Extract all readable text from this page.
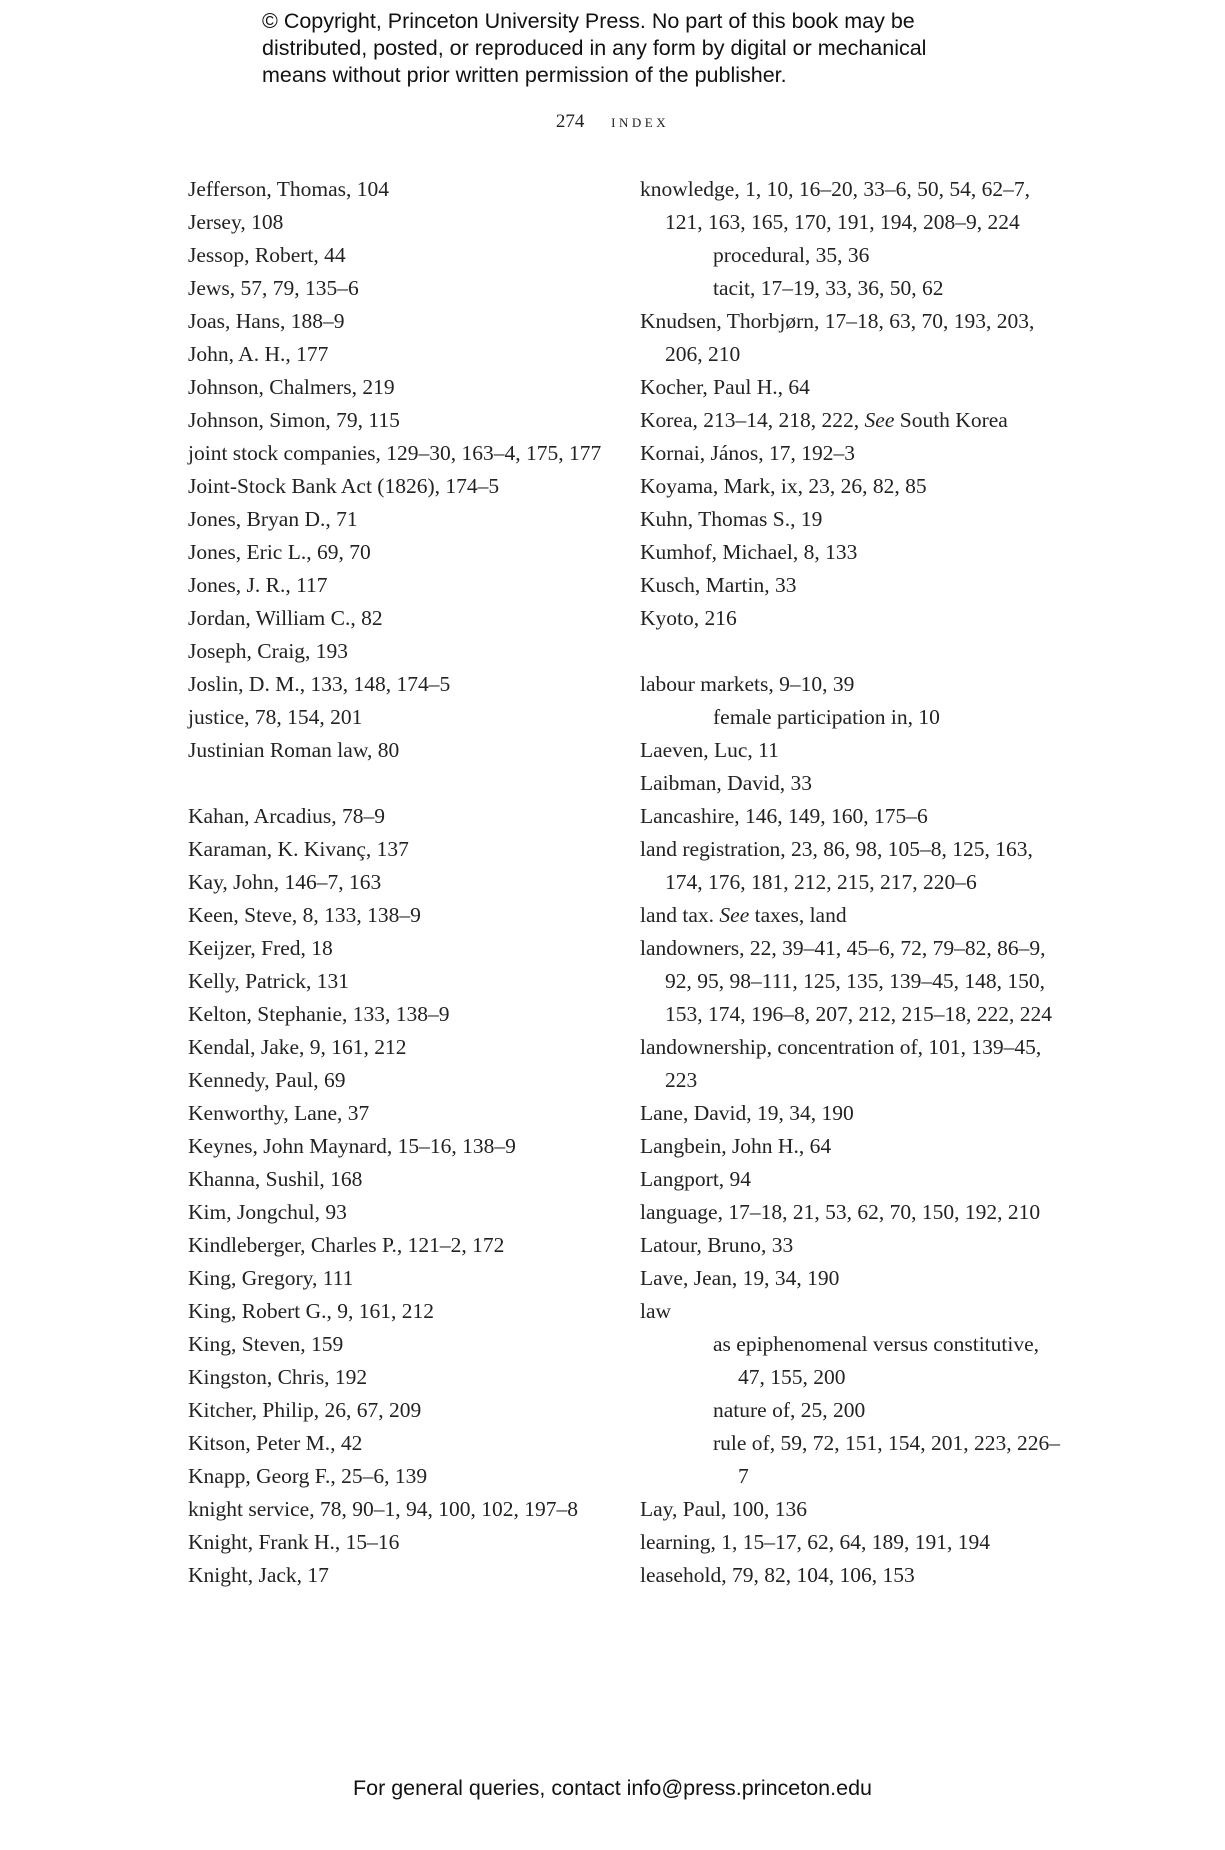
© Copyright, Princeton University Press. No part of this book may be
distributed, posted, or reproduced in any form by digital or mechanical
means without prior written permission of the publisher.
274 index
Jefferson, Thomas, 104
Jersey, 108
Jessop, Robert, 44
Jews, 57, 79, 135–6
Joas, Hans, 188–9
John, A. H., 177
Johnson, Chalmers, 219
Johnson, Simon, 79, 115
joint stock companies, 129–30, 163–4, 175, 177
Joint-Stock Bank Act (1826), 174–5
Jones, Bryan D., 71
Jones, Eric L., 69, 70
Jones, J. R., 117
Jordan, William C., 82
Joseph, Craig, 193
Joslin, D. M., 133, 148, 174–5
justice, 78, 154, 201
Justinian Roman law, 80
Kahan, Arcadius, 78–9
Karaman, K. Kivanç, 137
Kay, John, 146–7, 163
Keen, Steve, 8, 133, 138–9
Keijzer, Fred, 18
Kelly, Patrick, 131
Kelton, Stephanie, 133, 138–9
Kendal, Jake, 9, 161, 212
Kennedy, Paul, 69
Kenworthy, Lane, 37
Keynes, John Maynard, 15–16, 138–9
Khanna, Sushil, 168
Kim, Jongchul, 93
Kindleberger, Charles P., 121–2, 172
King, Gregory, 111
King, Robert G., 9, 161, 212
King, Steven, 159
Kingston, Chris, 192
Kitcher, Philip, 26, 67, 209
Kitson, Peter M., 42
Knapp, Georg F., 25–6, 139
knight service, 78, 90–1, 94, 100, 102, 197–8
Knight, Frank H., 15–16
Knight, Jack, 17
knowledge, 1, 10, 16–20, 33–6, 50, 54, 62–7, 121, 163, 165, 170, 191, 194, 208–9, 224
procedural, 35, 36
tacit, 17–19, 33, 36, 50, 62
Knudsen, Thorbjørn, 17–18, 63, 70, 193, 203, 206, 210
Kocher, Paul H., 64
Korea, 213–14, 218, 222, See South Korea
Kornai, János, 17, 192–3
Koyama, Mark, ix, 23, 26, 82, 85
Kuhn, Thomas S., 19
Kumhof, Michael, 8, 133
Kusch, Martin, 33
Kyoto, 216
labour markets, 9–10, 39
female participation in, 10
Laeven, Luc, 11
Laibman, David, 33
Lancashire, 146, 149, 160, 175–6
land registration, 23, 86, 98, 105–8, 125, 163, 174, 176, 181, 212, 215, 217, 220–6
land tax. See taxes, land
landowners, 22, 39–41, 45–6, 72, 79–82, 86–9, 92, 95, 98–111, 125, 135, 139–45, 148, 150, 153, 174, 196–8, 207, 212, 215–18, 222, 224
landownership, concentration of, 101, 139–45, 223
Lane, David, 19, 34, 190
Langbein, John H., 64
Langport, 94
language, 17–18, 21, 53, 62, 70, 150, 192, 210
Latour, Bruno, 33
Lave, Jean, 19, 34, 190
law
as epiphenomenal versus constitutive, 47, 155, 200
nature of, 25, 200
rule of, 59, 72, 151, 154, 201, 223, 226–7
Lay, Paul, 100, 136
learning, 1, 15–17, 62, 64, 189, 191, 194
leasehold, 79, 82, 104, 106, 153
For general queries, contact info@press.princeton.edu
